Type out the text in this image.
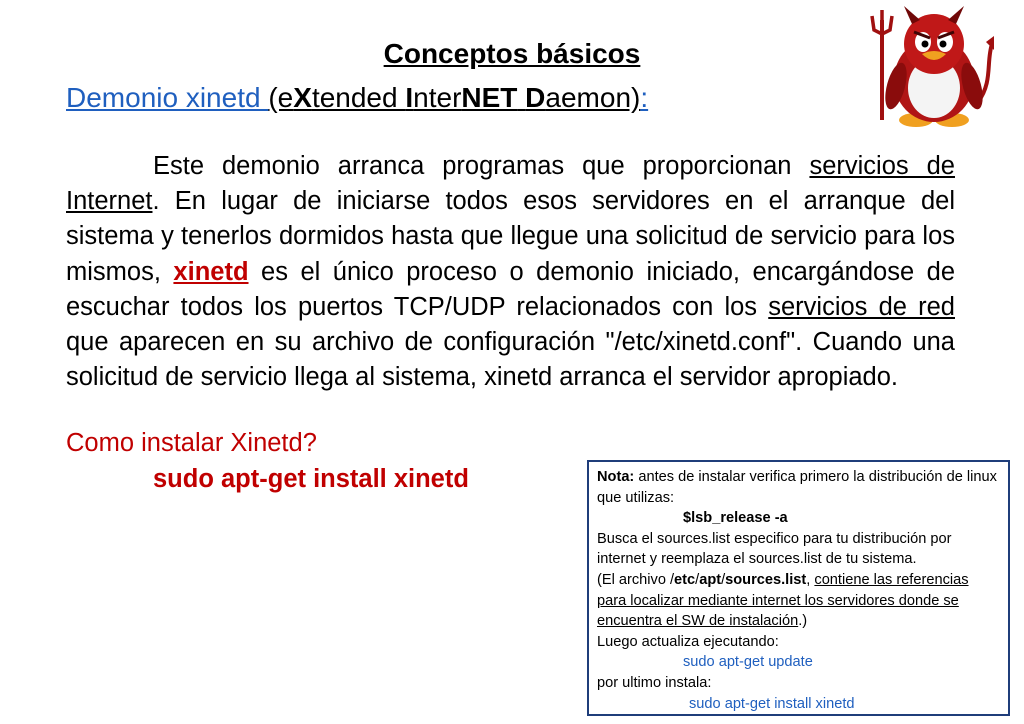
Conceptos básicos

Demonio xinetd (eXtended InterNET Daemon):

Este demonio arranca programas que proporcionan servicios de Internet. En lugar de iniciarse todos esos servidores en el arranque del sistema y tenerlos dormidos hasta que llegue una solicitud de servicio para los mismos, xinetd es el único proceso o demonio iniciado, encargándose de escuchar todos los puertos TCP/UDP relacionados con los servicios de red que aparecen en su archivo de configuración "/etc/xinetd.conf". Cuando una solicitud de servicio llega al sistema, xinetd arranca el servidor apropiado.

Como instalar Xinetd?

sudo apt-get install xinetd	Nota: antes de instalar verifica primero la distribución de linux que utilizas:
$lsb_release -a
Busca el sources.list especifico para tu distribución por internet y reemplaza el sources.list de tu sistema.
(El archivo /etc/apt/sources.list, contiene las referencias para localizar mediante internet los servidores donde se encuentra el SW de instalación.)
Luego actualiza ejecutando:
sudo apt-get update
por ultimo instala:
sudo apt-get install xinetd
